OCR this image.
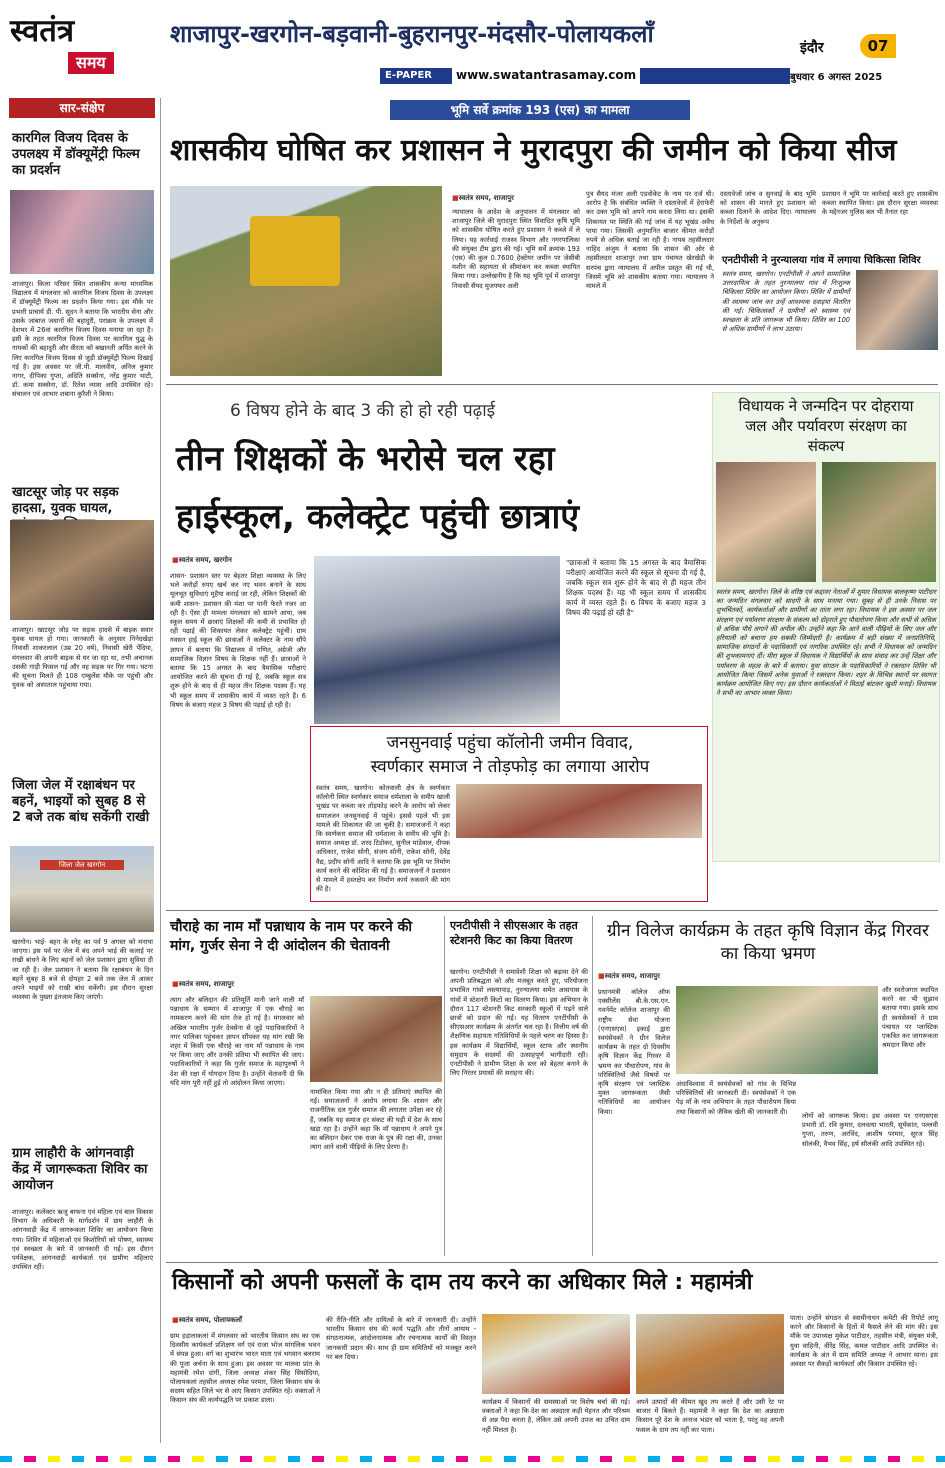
स्वतंत्र
समय
शाजापुर-खरगोन-बड़वानी-बुहरानपुर-मंदसौर-पोलायकलाँ	इंदौर	07
E-PAPER	www.swatantrasamay.com	बुधवार 6 अगस्त 2025
सार-संक्षेप
कारगिल विजय दिवस के उपलक्ष्य में डॉक्यूमेंट्री फिल्म का प्रदर्शन
शाजापुर। किला परिसर स्थित शासकीय कन्या माध्यमिक विद्यालय में मंगलवार को कारगिल विजय दिवस के उपलक्ष्य में डॉक्यूमेंट्री फिल्म का प्रदर्शन किया गया। इस मौके पर प्रभारी प्राचार्य डी. पी. सूदन ने बताया कि भारतीय सेना और उसके जांबाज जवानों की बहादुरी, पराक्रम के उपलक्ष्य में देशभर में 26वां कारगिल विजय दिवस मनाया जा रहा है। इसी के तहत कारगिल विजय दिवस पर कारगिल युद्ध के नायकों की बहादुरी और वीरता को बखानती अर्पित करने के लिए कारगिल विजय दिवस से जुड़ी डॉक्यूमेंट्री फिल्म दिखाई गई है। इस अवसर पर जी.पी. मालवीय, अनिल कुमार नागर, दीपिका गुप्ता, अदिति सक्सेना, नरेंद्र कुमार भाटी, डॉ. कमा सक्सेना, डॉ. रितेश व्यास आदि उपस्थित रहे। संचालन एवं आभार शबाना कुरैशी ने किया।
खाटसूर जोड़ पर सड़क हादसा, युवक घायल,
शाजापुर। खाटसूर जोड़ पर सड़क हादसे में बाइक सवार युवक घायल हो गया। जानकारी के अनुसार निनेदखेड़ा निवासी शाकरलाल (उम्र 20 वर्ष), निवासी खेरी पेंदिया, मंगलवार की अपनी बाइक से घर जा रहा था, तभी अचानक उसकी गाड़ी फिसल गई और वह सड़क पर गिर गया। घटना की सूचना मिलते ही 108 एम्बुलेंस मौके पर पहुंची और युवक को अस्पताल पहुंचाया गया।
जिला जेल में रक्षाबंधन पर बहनें, भाइयों को सुबह 8 से 2 बजे तक बांध सकेंगी राखी
जिला जेल खरगोन
खरगोन। भाई- बहन के स्नेह का पर्व 9 अगस्त को मनाया जाएगा। इस पर्व पर जेल में बंद अपने भाई की कलाई पर राखी बांधने के लिए बहनों को जेल प्रशासन द्वारा सुविधा दी जा रही है। जेल प्रशासन ने बताया कि रक्षाबंधन के दिन बहनें सुबह 8 बजे से दोपहर 2 बजे तक जेल में आकर अपने भाइयों को राखी बांध सकेंगी। इस दौरान सुरक्षा व्यवस्था के पुख्ता इंतजाम किए जाएंगे।
ग्राम लाहौरी के आंगनवाड़ी केंद्र में जागरूकता शिविर का आयोजन
शाजापुर। कलेक्टर ऋजु बाफना एवं महिला एवं बाल विकास विभाग के अधिकारी के मार्गदर्शन में ग्राम लाहौरी के आंगनवाड़ी केंद्र में जागरूकता शिविर का आयोजन किया गया। शिविर में महिलाओं एवं किशोरियों को पोषण, स्वास्थ्य एवं स्वच्छता के बारे में जानकारी दी गई। इस दौरान पर्यवेक्षक, आंगनवाड़ी कार्यकर्ता एवं ग्रामीण महिलाएं उपस्थित रहीं।
भूमि सर्वे क्रमांक 193 (एस) का मामला
शासकीय घोषित कर प्रशासन ने मुरादपुरा की जमीन को किया सीज
■ स्वतंत्र समय, शाजापुर
न्यायालय के आदेश के अनुपालन में मंगलवार को शाजापुर जिले की मुरादपुरा स्थित विवादित कृषि भूमि को शासकीय घोषित करते हुए प्रशासन ने कब्जे में ले लिया। यह कार्रवाई राजस्व विभाग और नगरपालिका की संयुक्त टीम द्वारा की गई। भूमि सर्वे क्रमांक 193 (एस) की कुल 0.7600 हेक्टेयर जमीन पर जेसीबी मशीन की सहायता से सीमांकन कर कब्जा स्थापित किया गया। उल्लेखनीय है कि यह भूमि पूर्व में शाजापुर निवासी सैयद मुजफ्फर अली
पुत्र सैयद मंजर अली एडवोकेट के नाम पर दर्ज थी। आरोप है कि संबंधित व्यक्ति ने दस्तावेजों में हेराफेरी कर उक्त भूमि को अपने नाम करवा लिया था। इसकी शिकायत पर स्थिति की गई जांच में यह भूखंड अवैध पाया गया। जिसकी अनुमानित बाजार कीमत करोड़ों रुपये से अधिक बताई जा रही है। नायब तहसीलदार नाहिद अंजुम ने बताया कि शासन की ओर से तहसीलदार शाजापुर तथा ग्राम पंचायत खेरखेड़ी के सरपंच द्वारा न्यायालय में अपील प्रस्तुत की गई थी, जिसमें भूमि को शासकीय बताया गया। न्यायालय ने मामले में
दस्तावेजों जांच व सुनवाई के बाद भूमि को शासन की मानते हुए प्रशासन को कब्जा दिलाने के आदेश दिए। न्यायालय के निर्देशों के अनुरूप
प्रशासन ने भूमि पर कार्रवाई करते हुए शासकीय कब्जा स्थापित किया। इस दौरान सुरक्षा व्यवस्था के मद्देनजर पुलिस बल भी तैनात रहा
एनटीपीसी ने नुरन्यालया गांव में लगाया चिकित्सा शिविर
स्वतंत्र समय, खरगोन। एनटीपीसी ने अपने सामाजिक उत्तरदायित्व के तहत नुरन्यालया गांव में निःशुल्क चिकित्सा शिविर का आयोजन किया। शिविर में ग्रामीणों की स्वास्थ्य जांच कर उन्हें आवश्यक दवाइयां वितरित की गईं। चिकित्सकों ने ग्रामीणों को स्वास्थ्य एवं स्वच्छता के प्रति जागरूक भी किया। शिविर का 100 से अधिक ग्रामीणों ने लाभ उठाया।
6 विषय होने के बाद 3 की हो हो रही पढ़ाई
तीन शिक्षकों के भरोसे चल रहा
हाईस्कूल, कलेक्ट्रेट पहुंची छात्राएं
■ स्वतंत्र समय, खरगोन
शासन- प्रशासन स्तर पर बेहतर शिक्षा व्यवस्था के लिए भले करोड़ों रुपए खर्च कर नए भवन बनाने के साथ मूलभूत सुविधाएं मुहैया कराई जा रही, लेकिन शिक्षकों की कमी शासन- प्रशासन की मंशा पर पानी फेरते नजर आ रही है। ऐसा ही मामला मंगलवार को सामने आया, जब स्कूल समय में छात्राएं शिक्षकों की कमी से प्रभावित हो रही पढ़ाई की शिकायत लेकर कलेक्ट्रेट पहुंचीं। ग्राम गवसन हाई स्कूल की छात्राओं ने कलेक्टर के नाम सौंपे ज्ञापन में बताया कि विद्यालय में गणित, अंग्रेजी और सामाजिक विज्ञान विषय के शिक्षक नहीं हैं। छात्राओं ने बताया कि 15 अगस्त के बाद त्रैमासिक परीक्षाएं आयोजित करने की सूचना दी गई है, जबकि स्कूल सत्र शुरू होने के बाद से ही महज तीन शिक्षक पदस्थ हैं। यह भी स्कूल समय में शासकीय कार्य में व्यस्त रहते हैं। 6 विषय के बजाए महज 3 विषय की पढ़ाई हो रही है।
"छात्राओं ने बताया कि 15 अगस्त के बाद त्रैमासिक परीक्षाएं आयोजित करने की स्कूल से सूचना दी गई है, जबकि स्कूल सत्र शुरू होने के बाद से ही महज तीन शिक्षक पदस्थ हैं। यह भी स्कूल समय में शासकीय कार्य में व्यस्त रहते हैं। 6 विषय के बजाए महज 3 विषय की पढ़ाई हो रही है"
विधायक ने जन्मदिन पर दोहराया जल और पर्यावरण संरक्षण का संकल्प
स्वतंत्र समय, खरगोन। जिले के वरिष्ठ एवं कद्दावर नेताओं में शुमार विधायक बालकृष्ण पाटीदार का जन्मदिन मंगलवार को सादगी के साथ मनाया गया। सुबह से ही उनके निवास पर शुभचिंतकों, कार्यकर्ताओं और ग्रामीणों का तांता लगा रहा। विधायक ने इस अवसर पर जल संरक्षण एवं पर्यावरण संरक्षण के संकल्प को दोहराते हुए पौधारोपण किया और सभी से अधिक से अधिक पौधे लगाने की अपील की। उन्होंने कहा कि आने वाली पीढ़ियों के लिए जल और हरियाली को बचाना हम सबकी जिम्मेदारी है। कार्यक्रम में बड़ी संख्या में जनप्रतिनिधि, सामाजिक संगठनों के पदाधिकारी एवं नागरिक उपस्थित रहे। सभी ने विधायक को जन्मदिन की शुभकामनाएं दीं। मीरा स्कूल में विधायक ने विद्यार्थियों के साथ संवाद कर उन्हें शिक्षा और पर्यावरण के महत्व के बारे में बताया। युवा संगठन के पदाधिकारियों ने रक्तदान शिविर भी आयोजित किया जिसमें अनेक युवाओं ने रक्तदान किया। शहर के विभिन्न स्थानों पर स्वागत कार्यक्रम आयोजित किए गए। इस दौरान कार्यकर्ताओं ने मिठाई बांटकर खुशी मनाई। विधायक ने सभी का आभार व्यक्त किया।
जनसुनवाई पहुंचा कॉलोनी जमीन विवाद,
स्वर्णकार समाज ने तोड़फोड़ का लगाया आरोप
स्वतंत्र समय, खरगोन। कोतवाली क्षेत्र के स्वर्णकार कॉलोनी स्थित स्वर्णकार समाज धर्मशाला के समीप खाली भूखंड पर कब्जा कर तोड़फोड़ करने के आरोप को लेकर समाजजन जनसुनवाई में पहुंचे। इससे पहले भी इस मामले की शिकायत की जा चुकी है। समाजजनों ने कहा कि स्वर्णकार समाज की धर्मशाला के समीप की भूमि है। समाज अध्यक्ष डॉ. शरद टिडोकर, सुनील मांडेवाल, दीपक अधिकार, राजेश सोनी, संजय सोनी, राकेश सोनी, देवेंद्र वैद्य, प्रदीप सोनी आदि ने बताया कि इस भूमि पर निर्माण कार्य करने की कोशिश की गई है। समाजजनों ने प्रशासन से मामले में हस्तक्षेप कर निर्माण कार्य रुकवाने की मांग की है।
चौराहे का नाम माँ पन्नाधाय के नाम पर करने की मांग, गुर्जर सेना ने दी आंदोलन की चेतावनी
■ स्वतंत्र समय, शाजापुर
त्याग और बलिदान की प्रतिमूर्ति मानी जाने वाली माँ पन्नाधाय के सम्मान में शाजापुर में एक चौराहे का नामकरण करने की मांग तेज हो गई है। मंगलवार को अखिल भारतीय गुर्जर देवसेना से जुड़े पदाधिकारियों ने नगर पालिका पहुंचकर ज्ञापन सौंपकर यह मांग रखी कि शहर में किसी एक चौराहे का नाम माँ पन्नाधाय के नाम पर किया जाए और उनकी प्रतिमा भी स्थापित की जाए। पदाधिकारियों ने कहा कि गुर्जर समाज के महापुरुषों ने देश की रक्षा में योगदान दिया है। उन्होंने चेतावनी दी कि यदि मांग पूरी नहीं हुई तो आंदोलन किया जाएगा।
नामांकित किया गया और न ही प्रतिमाएं स्थापित की गईं। समाजजनों ने आरोप लगाया कि शासन और राजनीतिक दल गुर्जर समाज की लगातार उपेक्षा कर रहे हैं, जबकि यह समाज हर संकट की घड़ी में देश के साथ खड़ा रहा है। उन्होंने कहा कि माँ पन्नाधाय ने अपने पुत्र का बलिदान देकर एक राजा के पुत्र की रक्षा की, उनका त्याग आने वाली पीढ़ियों के लिए प्रेरणा है।
एनटीपीसी ने सीएसआर के तहत स्टेशनरी किट का किया वितरण
खरगोन। एनटीपीसी ने समावेशी शिक्षा को बढ़ावा देने की अपनी प्रतिबद्धता को और मजबूत करते हुए, परियोजना प्रभावित गांवों लस्त्यापाड़, नुरन्यालया समेत आसपास के गांवों में स्टेशनरी किटों का वितरण किया। इस अभियान के दौरान 117 स्टेशनरी किट सरकारी स्कूलों में पढ़ने वाले छात्रों को प्रदान की गईं। यह वितरण एनटीपीसी के सीएसआर कार्यक्रम के अंतर्गत चल रहा है। वित्तीय वर्ष की शैक्षणिक सहायता गतिविधियों के पहले चरण का हिस्सा है। इस कार्यक्रम में विद्यार्थियों, स्कूल स्टाफ और स्थानीय समुदाय के सदस्यों की उत्साहपूर्ण भागीदारी रही। एनटीपीसी ने ग्रामीण शिक्षा के स्तर को बेहतर बनाने के लिए निरंतर प्रयासों की सराहना की।
ग्रीन विलेज कार्यक्रम के तहत कृषि विज्ञान केंद्र गिरवर का किया भ्रमण
■ स्वतंत्र समय, शाजापुर
प्रधानमंत्री कॉलेज ऑफ एक्सीलेंस बी.के.एस.एन. गवर्नमेंट कॉलेज शाजापुर की राष्ट्रीय सेवा योजना (एनएसएस) इकाई द्वारा स्वयंसेवकों ने ग्रीन विलेज कार्यक्रम के तहत दो दिवसीय कृषि विज्ञान केंद्र गिरवर में भ्रमण कर पौधारोपण, गांव के परिस्थितियों जैसे विषयों पर कृषि संरक्षण एवं प्लास्टिक मुक्त जागरूकता जैसी गतिविधियों का आयोजन किया।
और स्वरोजगार स्थापित करने का भी सुझाव बताया गया। इसके साथ ही स्वयंसेवकों ने ग्राम पंचायत पर प्लास्टिक एकत्रित कर जागरूकता श्रमदान किया और
अंधाविश्वास में स्वयंसेवकों को गांव के विभिन्न परिस्थितियों की जानकारी दी। स्वयंसेवकों ने एक पेड़ माँ के नाम अभियान के तहत पौधारोपण किया तथा किसानों को जैविक खेती की जानकारी दी।
लोगों को जागरूक किया। इस अवसर पर एनएसएस प्रभारी डॉ. रवि कुमार, दलवत्या भारती, सूर्यकांत, पल्लवी गुप्ता, तरुण, अरविंद, आशीष परमार, सूरज सिंह सोलंकी, वैभव सिंह, हर्ष सौलंकी आदि उपस्थित रहे।
किसानों को अपनी फसलों के दाम तय करने का अधिकार मिले : महामंत्री
■ स्वतंत्र समय, पोलायकलाँ
ग्राम हड़ालाकलां में मंगलवार को भारतीय किसान संघ का एक दिवसीय कार्यकर्ता प्रशिक्षण वर्ग एवं राजा भोज मांगलिक भवन में संपन्न हुआ। वर्ग का शुभारंभ भारत माता एवं भगवान बलराम की पूजा अर्चना के साथ हुआ। इस अवसर पर मालवा प्रांत के महामंत्री रमेश दांगी, जिला अध्यक्ष शंकर सिंह सिसोदिया, पोलायकलां तहसील अध्यक्ष रमेश परमार, जिला किसान संघ के सदस्य सहित जिले भर से आए किसान उपस्थित रहे। वक्ताओं ने किसान संघ की कार्यपद्धति पर प्रकाश डाला।
की रीति-नीति और दायित्वों के बारे में जानकारी दी। उन्होंने भारतीय किसान संघ की कार्य पद्धति और तीनों आयाम - संगठनात्मक, आंदोलनात्मक और रचनात्मक कार्यों की विस्तृत जानकारी प्रदान की। साथ ही ग्राम समितियों को मजबूत करने पर बल दिया।
कार्यक्रम में किसानों की समस्याओं पर विशेष चर्चा की गई। वक्ताओं ने कहा कि देश का अन्नदाता कड़ी मेहनत और परिश्रम से अन्न पैदा करता है, लेकिन उसे अपनी उपज का उचित दाम नहीं मिलता है।
अपने उत्पादों की कीमत खुद तय करते हैं और उसी रेट पर बाजार में बिकते हैं। महामंत्री ने कहा कि देश का अन्नदाता किसान पूरे देश के अनाज भंडार को भरता है, परंतु वह अपनी फसल के दाम तय नहीं कर पाता।
पाता। उन्होंने संगठन से स्वामीनाथन कमेटी की रिपोर्ट लागू करने और किसानों के हितों में फैसले लेने की मांग की। इस मौके पर उपाध्यक्ष मुकेश पाटीदार, तहसील मंत्री, संयुक्त मंत्री, युवा वाहिनी, वीरेंद्र सिंह, कमल पाटीदार आदि उपस्थित थे। कार्यक्रम के अंत में ग्राम समिति अध्यक्ष ने आभार माना। इस अवसर पर सैकड़ों कार्यकर्ता और किसान उपस्थित रहे।
